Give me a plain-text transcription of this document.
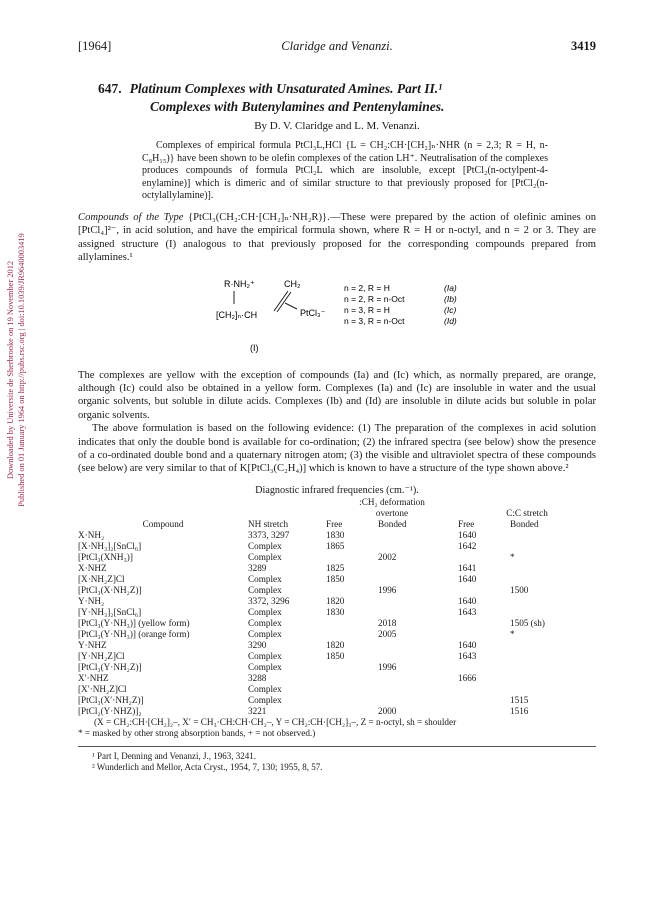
Downloaded by Universite de Sherbrooke on 19 November 2012 Published on 01 January 1964 on http://pubs.rsc.org | doi:10.1039/JR9640003419
[1964]	Claridge and Venanzi.	3419
647. Platinum Complexes with Unsaturated Amines. Part II.¹
Complexes with Butenylamines and Pentenylamines.
By D. V. Claridge and L. M. Venanzi.
Complexes of empirical formula PtCl₃L,HCl {L = CH₂:CH·[CH₂]ₙ·NHR (n = 2,3; R = H, n-C₈H₁₅)} have been shown to be olefin complexes of the cation LH⁺. Neutralisation of the complexes produces compounds of formula PtCl₂L which are insoluble, except [PtCl₂(n-octylpent-4-enylamine)] which is dimeric and of similar structure to that previously proposed for [PtCl₂(n-octylallylamine)].
Compounds of the Type {PtCl₃(CH₂:CH·[CH₂]ₙ·NH₂R)}.—These were prepared by the action of olefinic amines on [PtCl₄]²⁻, in acid solution, and have the empirical formula shown, where R = H or n-octyl, and n = 2 or 3. They are assigned structure (I) analogous to that previously proposed for the corresponding compounds prepared from allylamines.¹
R·NH₂⁺	CH₂
[CH₂]ₙ·CH	PtCl₃⁻
(I)
n = 2, R = H	(Ia)
n = 2, R = n-Oct	(Ib)
n = 3, R = H	(Ic)
n = 3, R = n-Oct	(Id)
The complexes are yellow with the exception of compounds (Ia) and (Ic) which, as normally prepared, are orange, although (Ic) could also be obtained in a yellow form. Complexes (Ia) and (Ic) are insoluble in water and the usual organic solvents, but soluble in dilute acids. Complexes (Ib) and (Id) are insoluble in dilute acids but soluble in polar organic solvents.
The above formulation is based on the following evidence: (1) The preparation of the complexes in acid solution indicates that only the double bond is available for co-ordination; (2) the infrared spectra (see below) show the presence of a co-ordinated double bond and a quaternary nitrogen atom; (3) the visible and ultraviolet spectra of these compounds (see below) are very similar to that of K[PtCl₃(C₂H₄)] which is known to have a structure of the type shown above.²
Diagnostic infrared frequencies (cm.⁻¹).
		:CH₂ deformation			
		overtone		C:C stretch	
Compound	NH stretch	Free	Bonded	Free	Bonded
X·NH₂	3373, 3297	1830		1640	
[X·NH₃]₂[SnCl₆]	Complex	1865		1642	
[PtCl₃(XNH₃)]	Complex		2002		*
X·NHZ	3289	1825		1641	
[X·NH₂Z]Cl	Complex	1850		1640	
[PtCl₃(X·NH₂Z)]	Complex		1996		1500
Y·NH₂	3372, 3296	1820		1640	
[Y·NH₃]₂[SnCl₆]	Complex	1830		1643	
[PtCl₃(Y·NH₃)] (yellow form)	Complex		2018		1505 (sh)
[PtCl₃(Y·NH₃)] (orange form)	Complex		2005		*
Y·NHZ	3290	1820		1640	
[Y·NH₂Z]Cl	Complex	1850		1643	
[PtCl₃(Y·NH₂Z)]	Complex		1996		
X′·NHZ	3288			1666	
[X′·NH₂Z]Cl	Complex				
[PtCl₃(X′·NH₂Z)]	Complex				1515
[PtCl₂(Y·NHZ)]₂	3221		2000		1516
(X = CH₂:CH·[CH₂]₂–, X′ = CH₃·CH:CH·CH₂–, Y = CH₂:CH·[CH₂]₃–, Z = n-octyl, sh = shoulder
* = masked by other strong absorption bands, + = not observed.)
¹ Part I, Denning and Venanzi, J., 1963, 3241.
² Wunderlich and Mellor, Acta Cryst., 1954, 7, 130; 1955, 8, 57.
